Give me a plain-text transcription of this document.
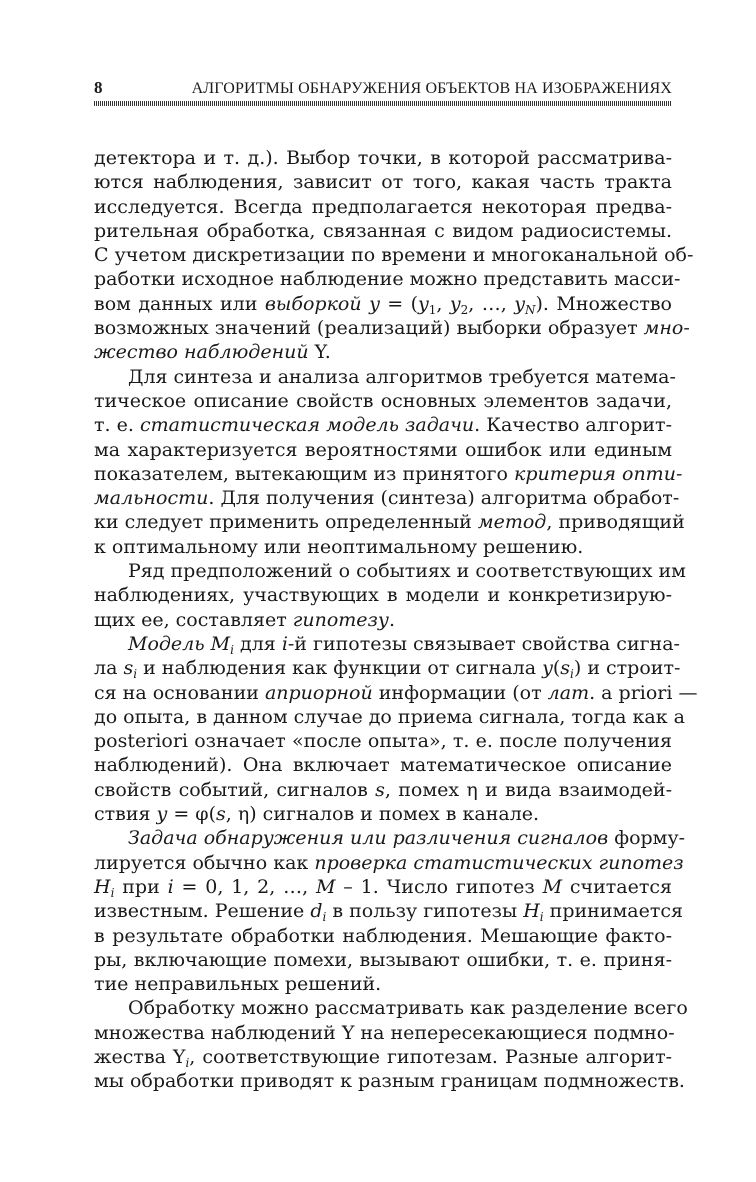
8	АЛГОРИТМЫ ОБНАРУЖЕНИЯ ОБЪЕКТОВ НА ИЗОБРАЖЕНИЯХ
детектора и т. д.). Выбор точки, в которой рассматрива-
ются наблюдения, зависит от того, какая часть тракта
исследуется. Всегда предполагается некоторая предва-
рительная обработка, связанная с видом радиосистемы.
С учетом дискретизации по времени и многоканальной об-
работки исходное наблюдение можно представить масси-
вом данных или выборкой $y = (y_1$, $y_2$, …, $y_N$). Множество
возможных значений (реализаций) выборки образует мно-
жество наблюдений Y.
Для синтеза и анализа алгоритмов требуется матема-
тическое описание свойств основных элементов задачи,
т. е. статистическая модель задачи. Качество алгорит-
ма характеризуется вероятностями ошибок или единым
показателем, вытекающим из принятого критерия опти-
мальности. Для получения (синтеза) алгоритма обработ-
ки следует применить определенный метод, приводящий
к оптимальному или неоптимальному решению.
Ряд предположений о событиях и соответствующих им
наблюдениях, участвующих в модели и конкретизирую-
щих ее, составляет гипотезу.
Модель $M_i$ для i-й гипотезы связывает свойства сигна-
ла $s_i$ и наблюдения как функции от сигнала $y(s_i)$ и строит-
ся на основании априорной информации (от лат. a priori —
до опыта, в данном случае до приема сигнала, тогда как a
posteriori означает «после опыта», т. е. после получения
наблюдений). Она включает математическое описание
свойств событий, сигналов s, помех η и вида взаимодей-
ствия y = φ(s, η) сигналов и помех в канале.
Задача обнаружения или различения сигналов форму-
лируется обычно как проверка статистических гипотез
$H_i$ при i = 0, 1, 2, …, M – 1. Число гипотез M считается
известным. Решение $d_i$ в пользу гипотезы $H_i$ принимается
в результате обработки наблюдения. Мешающие факто-
ры, включающие помехи, вызывают ошибки, т. е. приня-
тие неправильных решений.
Обработку можно рассматривать как разделение всего
множества наблюдений Y на непересекающиеся подмно-
жества $Y_i$, соответствующие гипотезам. Разные алгорит-
мы обработки приводят к разным границам подмножеств.
